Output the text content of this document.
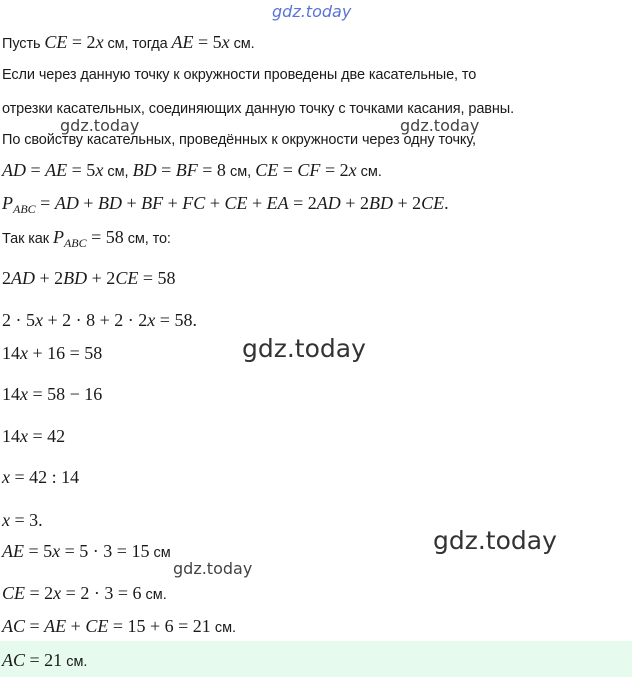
gdz.today
Пусть CE = 2x см, тогда AE = 5x см.
Если через данную точку к окружности проведены две касательные, то
отрезки касательных, соединяющих данную точку с точками касания, равны.
По свойству касательных, проведённых к окружности через одну точку,
gdz.today	gdz.today
AD = AE = 5x см, BD = BF = 8 см, CE = CF = 2x см.
$P_{ABC}$ = AD + BD + BF + FC + CE + EA = 2AD + 2BD + 2CE.
Так как $P_{ABC} = 58$ см, то:
2AD + 2BD + 2CE = 58
2 · 5x + 2 · 8 + 2 · 2x = 58.
14x + 16 = 58	gdz.today
14x = 58 − 16
14x = 42
x = 42 : 14
x = 3.
gdz.today
AE = 5x = 5 · 3 = 15 см
gdz.today
CE = 2x = 2 · 3 = 6 см.
AC = AE + CE = 15 + 6 = 21 см.
AC = 21 см.
